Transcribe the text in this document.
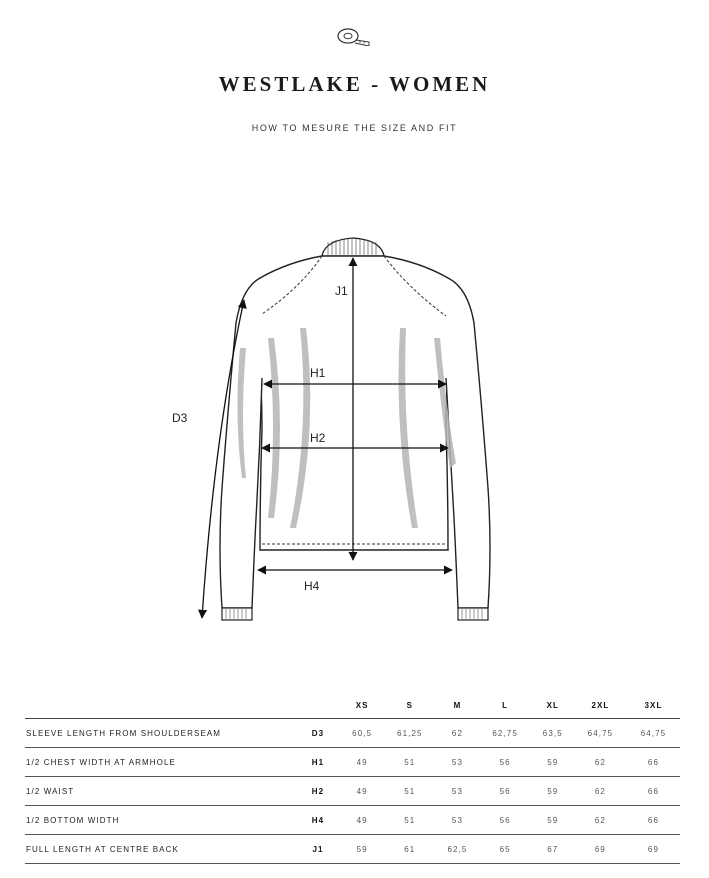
WESTLAKE - WOMEN
HOW TO MESURE THE SIZE AND FIT
J1
H1
H2
D3
H4
		XS	S	M	L	XL	2XL	3XL
SLEEVE LENGTH FROM SHOULDERSEAM	D3	60,5	61,25	62	62,75	63,5	64,75	64,75
1/2 CHEST WIDTH AT ARMHOLE	H1	49	51	53	56	59	62	66
1/2 WAIST	H2	49	51	53	56	59	62	66
1/2 BOTTOM WIDTH	H4	49	51	53	56	59	62	66
FULL LENGTH AT CENTRE BACK	J1	59	61	62,5	65	67	69	69
